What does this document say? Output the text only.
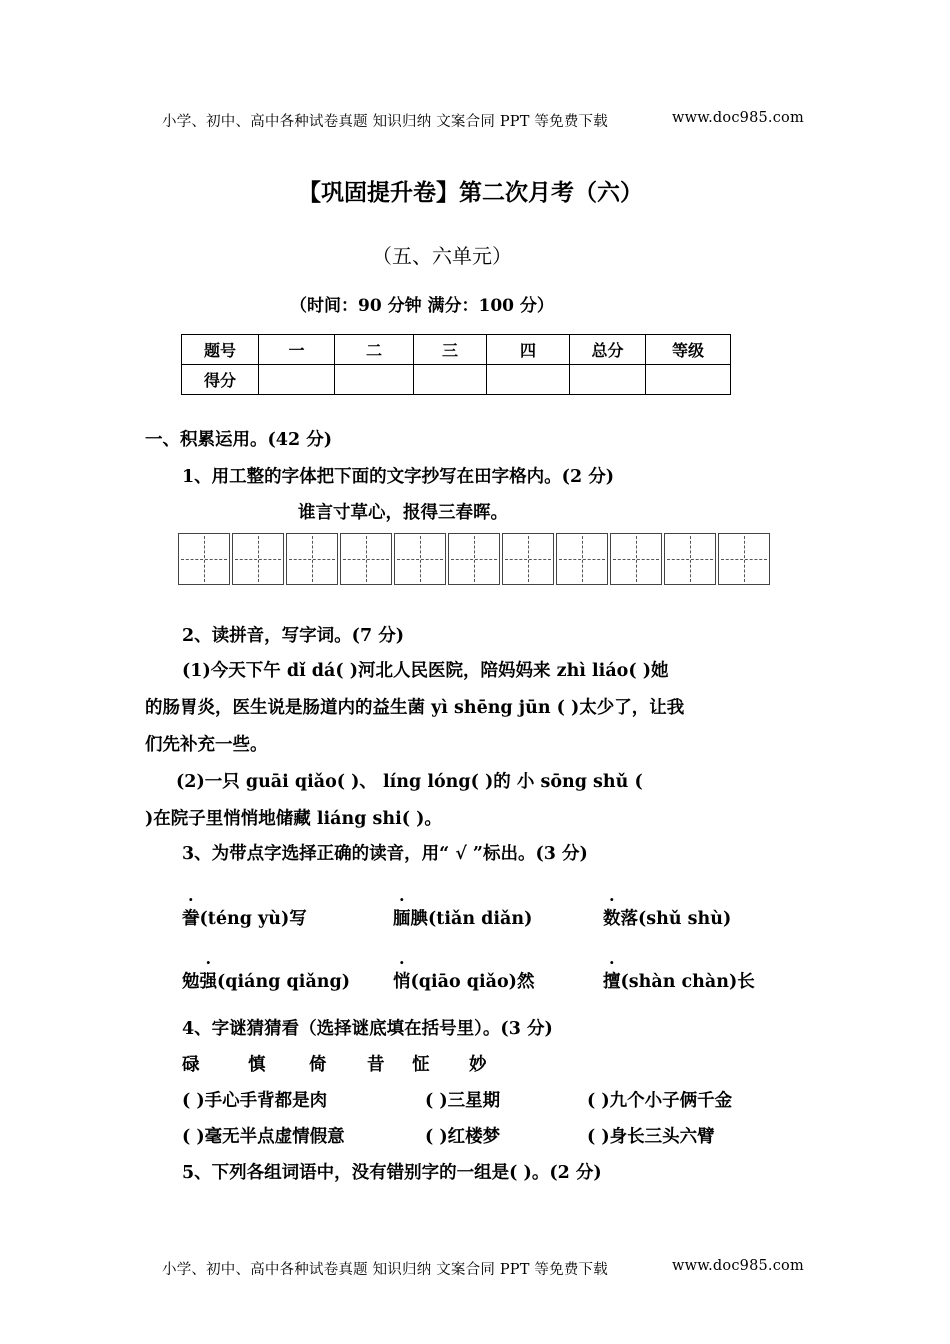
小学、初中、高中各种试卷真题 知识归纳 文案合同 PPT 等免费下载	www.doc985.com
【巩固提升卷】第二次月考（六）
（五、六单元）
（时间：90 分钟 满分：100 分）
题号	一	二	三	四	总分	等级
得分						
一、积累运用。(42 分)
1、用工整的字体把下面的文字抄写在田字格内。(2 分)
谁言寸草心，报得三春晖。
2、读拼音，写字词。(7 分)
(1)今天下午 dǐ dá( )河北人民医院，陪妈妈来 zhì liáo( )她
的肠胃炎，医生说是肠道内的益生菌 yì shēng jūn ( )太少了，让我
们先补充一些。
(2)一只 guāi qiǎo( )、 líng lóng( )的 小 sōng shǔ (
)在院子里悄悄地储藏 liáng shi( )。
3、为带点字选择正确的读音，用“ √ ”标出。(3 分)
誊(téng yù)写	腼腆(tiǎn diǎn)	数落(shǔ shù)
勉强(qiáng qiǎng) 悄(qiāo qiǎo)然	擅(shàn chàn)长
4、字谜猜猜看（选择谜底填在括号里）。(3 分)
碌	慎 倚 昔 怔 妙
( )手心手背都是肉	( )三星期	( )九个小子俩千金
( )毫无半点虚情假意	( )红楼梦	( )身长三头六臂
5、下列各组词语中，没有错别字的一组是( )。(2 分)
小学、初中、高中各种试卷真题 知识归纳 文案合同 PPT 等免费下载	www.doc985.com
